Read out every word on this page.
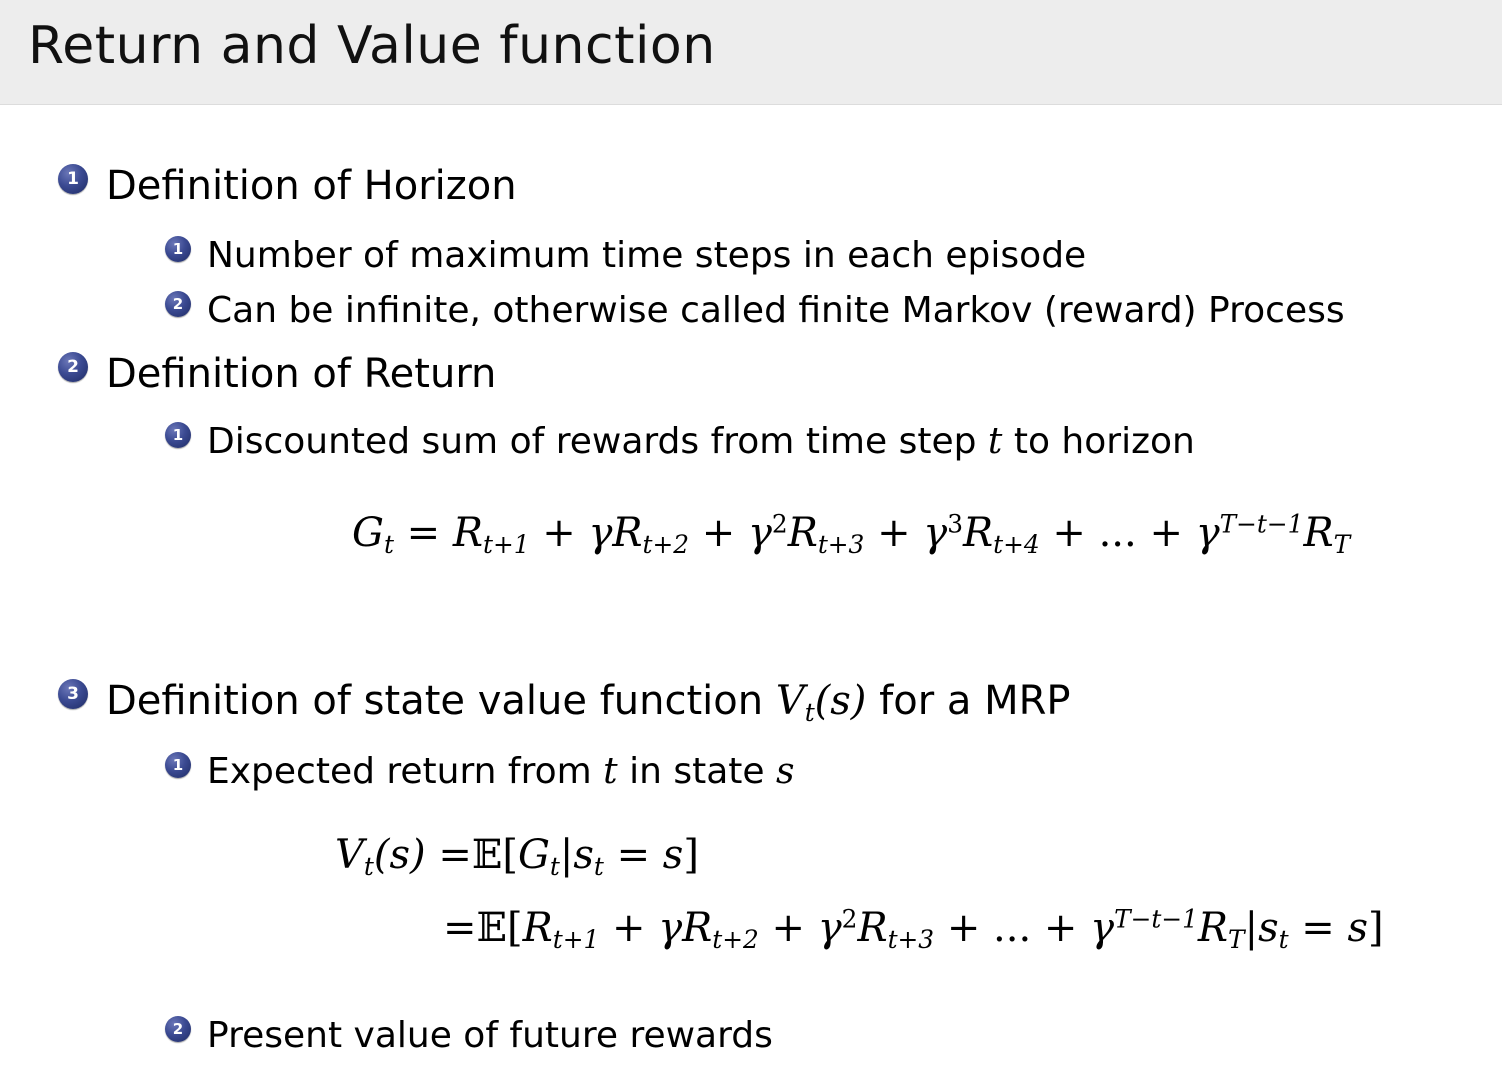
Return and Value function
1 Definition of Horizon
1 Number of maximum time steps in each episode
2 Can be infinite, otherwise called finite Markov (reward) Process
2 Definition of Return
1 Discounted sum of rewards from time step t to horizon
$G_t = R_{t+1} + \gamma R_{t+2} + \gamma^2R_{t+3} + \gamma^3R_{t+4}$ + ... + $\gamma^{T-t-1}R_T$
3 Definition of state value function $V_t(s)$ for a MRP
1 Expected return from t in state s
$V_t(s)$ $=𝔼[G_t|s_t = s]$
$=𝔼[R_{t+1} + \gamma R_{t+2} + \gamma^2R_{t+3}$ + ... + $\gamma^{T-t-1}R_T|s_t = s$]
2 Present value of future rewards
